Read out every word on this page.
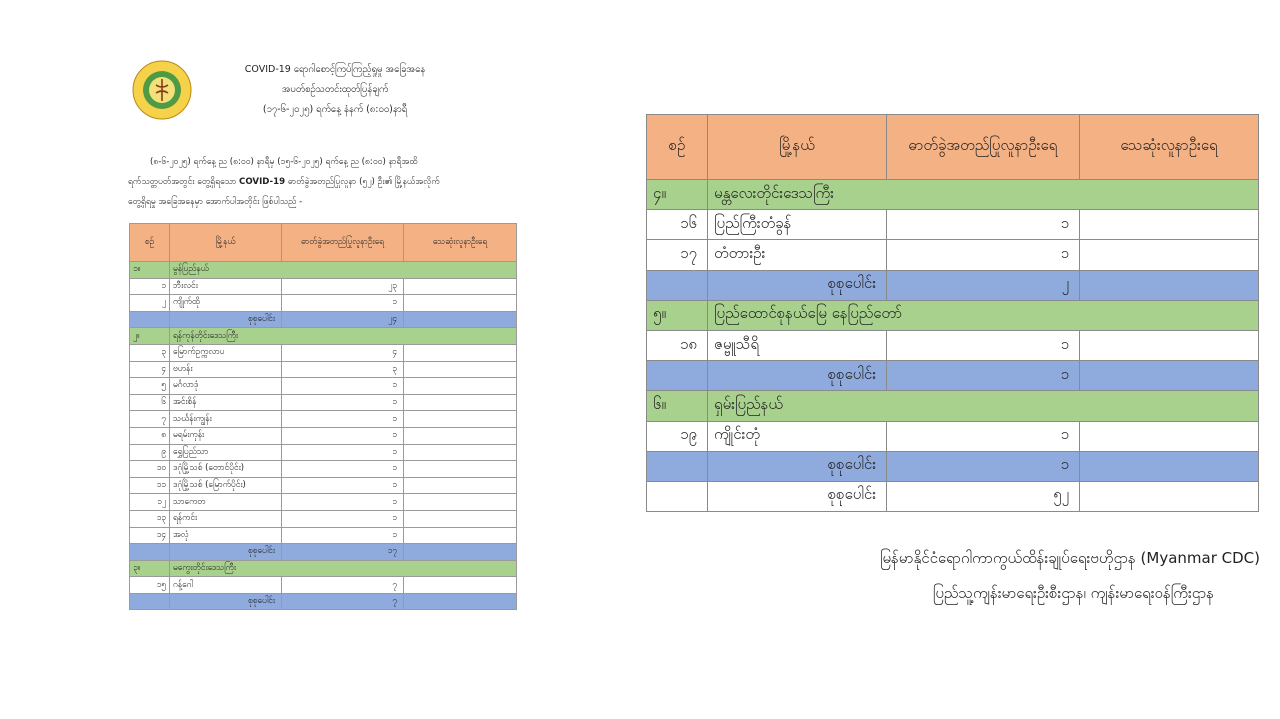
COVID-19 ရောဂါစောင့်ကြပ်ကြည့်ရှုမှု အခြေအနေ
အပတ်စဉ်သတင်းထုတ်ပြန်ချက်
(၁၇-၆-၂၀၂၅) ရက်နေ့ နံနက် (၈:၀၀)နာရီ

(၈-၆-၂၀၂၅) ရက်နေ့ ည (၈:၀၀) နာရီမှ (၁၅-၆-၂၀၂၅) ရက်နေ့ ည (၈:၀၀) နာရီအထိ

ရက်သတ္တပတ်အတွင်း တွေ့ရှိရသော COVID-19 ဓာတ်ခွဲအတည်ပြုလူနာ (၅၂) ဦး၏ မြို့နယ်အလိုက်

တွေ့ရှိရမှု အခြေအနေမှာ အောက်ပါအတိုင်း ဖြစ်ပါသည် -

စဉ်	မြို့နယ်	ဓာတ်ခွဲအတည်ပြုလူနာဦးရေ	သေဆုံးလူနာဦးရေ
၁။	မွန်ပြည်နယ်		
၁	ဘီးလင်း	၂၃	
၂	ကျိုက်ထို	၁	
	စုစုပေါင်း	၂၄	
၂။	ရန်ကုန်တိုင်းဒေသကြီး		
၃	မြောက်ဥက္ကလာပ	၄	
၄	ဗဟန်း	၃	
၅	မင်္ဂလာဒုံ	၁	
၆	အင်းစိန်	၁	
၇	သင်္ဃန်းကျွန်း	၁	
၈	မရမ်းကုန်း	၁	
၉	ရွှေပြည်သာ	၁	
၁၀	ဒဂုံမြို့သစ် (တောင်ပိုင်း)	၁	
၁၁	ဒဂုံမြို့သစ် (မြောက်ပိုင်း)	၁	
၁၂	သာကေတ	၁	
၁၃	ရန်ကင်း	၁	
၁၄	အလုံ	၁	
	စုစုပေါင်း	၁၇	
၃။	မကွေးတိုင်းဒေသကြီး		
၁၅	ဂန့်ဂေါ	၇	
	စုစုပေါင်း	၇	
စဉ်	မြို့နယ်	ဓာတ်ခွဲအတည်ပြုလူနာဦးရေ	သေဆုံးလူနာဦးရေ
၄။	မန္တလေးတိုင်းဒေသကြီး		
၁၆	ပြည်ကြီးတံခွန်	၁	
၁၇	တံတားဦး	၁	
	စုစုပေါင်း	၂	
၅။	ပြည်ထောင်စုနယ်မြေ နေပြည်တော်		
၁၈	ဇမ္ဗူသီရိ	၁	
	စုစုပေါင်း	၁	
၆။	ရှမ်းပြည်နယ်		
၁၉	ကျိုင်းတုံ	၁	
	စုစုပေါင်း	၁	
	စုစုပေါင်း	၅၂	
မြန်မာနိုင်ငံရောဂါကာကွယ်ထိန်းချုပ်ရေးဗဟိုဌာန (Myanmar CDC)
ပြည်သူ့ကျန်းမာရေးဦးစီးဌာန၊ ကျန်းမာရေးဝန်ကြီးဌာန
